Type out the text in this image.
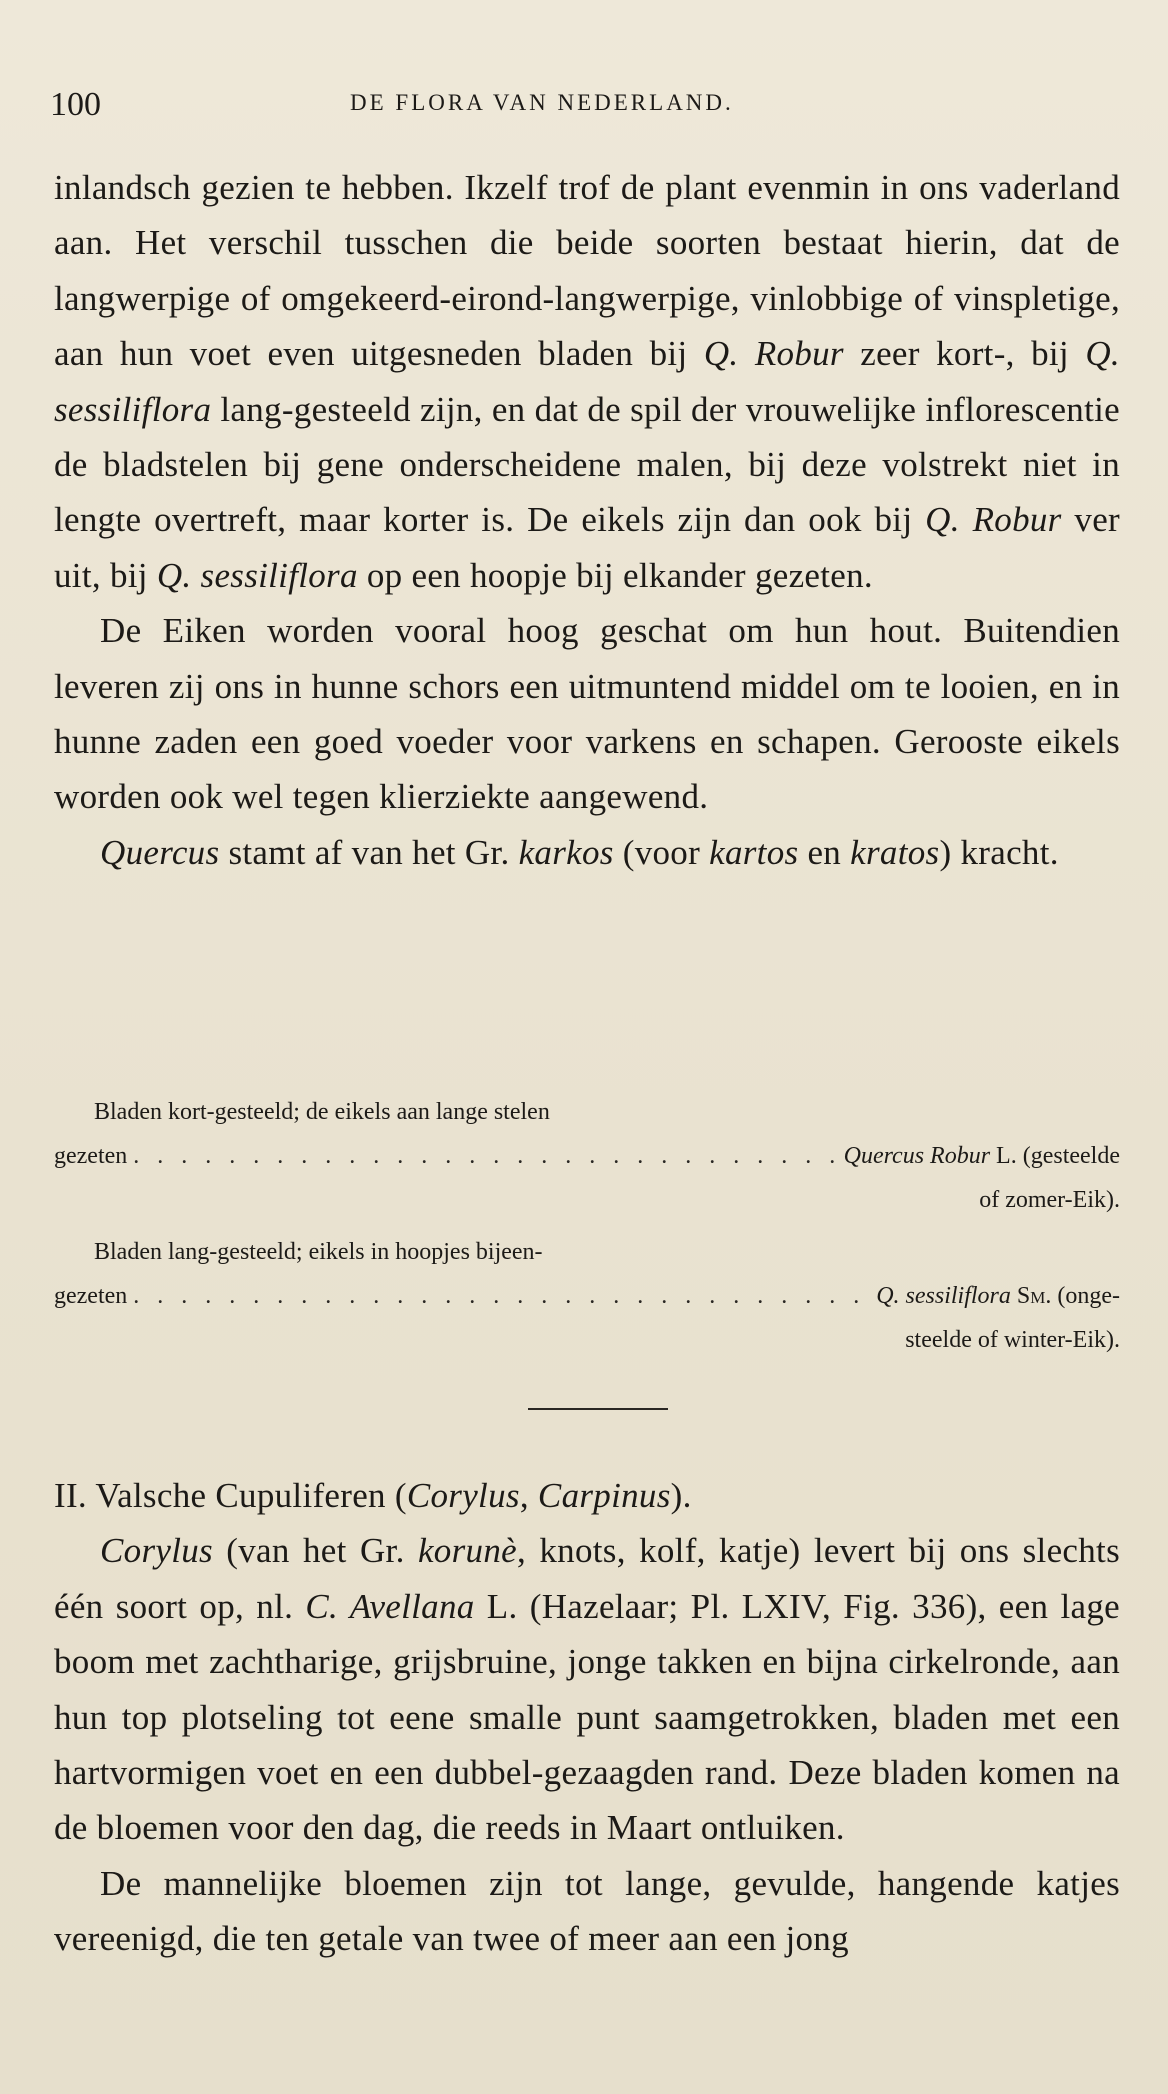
100	DE FLORA VAN NEDERLAND.

inlandsch gezien te hebben. Ikzelf trof de plant evenmin in ons vaderland aan. Het verschil tusschen die beide soorten bestaat hierin, dat de langwerpige of omgekeerd-eirond-langwerpige, vinlobbige of vinspletige, aan hun voet even uitgesneden bladen bij Q. Robur zeer kort-, bij Q. sessiliflora lang-gesteeld zijn, en dat de spil der vrouwelijke inflorescentie de bladstelen bij gene onderscheidene malen, bij deze volstrekt niet in lengte overtreft, maar korter is. De eikels zijn dan ook bij Q. Robur ver uit, bij Q. sessiliflora op een hoopje bij elkander gezeten.

De Eiken worden vooral hoog geschat om hun hout. Buitendien leveren zij ons in hunne schors een uitmuntend middel om te looien, en in hunne zaden een goed voeder voor varkens en schapen. Gerooste eikels worden ook wel tegen klierziekte aangewend.

Quercus stamt af van het Gr. karkos (voor kartos en kratos) kracht.

Bladen kort-gesteeld; de eikels aan lange stelen
gezeten . . .	Quercus Robur L. (gesteelde
of zomer-Eik).
Bladen lang-gesteeld; eikels in hoopjes bijeen-
gezeten . . .	Q. sessiliflora Sm. (onge-
steelde of winter-Eik).

II. Valsche Cupuliferen (Corylus, Carpinus).

Corylus (van het Gr. korunè, knots, kolf, katje) levert bij ons slechts één soort op, nl. C. Avellana L. (Hazelaar; Pl. LXIV, Fig. 336), een lage boom met zachtharige, grijsbruine, jonge takken en bijna cirkelronde, aan hun top plotseling tot eene smalle punt saamgetrokken, bladen met een hartvormigen voet en een dubbel-gezaagden rand. Deze bladen komen na de bloemen voor den dag, die reeds in Maart ontluiken.

De mannelijke bloemen zijn tot lange, gevulde, hangende katjes vereenigd, die ten getale van twee of meer aan een jong
